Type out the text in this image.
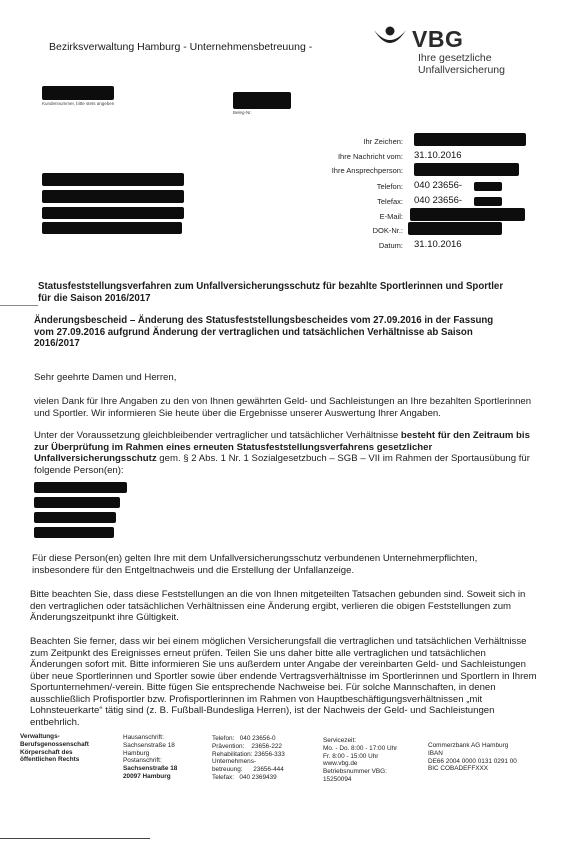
Bezirksverwaltung Hamburg - Unternehmensbetreuung -	VBG
Ihre gesetzliche
Unfallversicherung
Kundennummer, bitte stets angeben
Beleg-Nr.
Ihr Zeichen:
Ihre Nachricht vom: 31.10.2016
Ihre Ansprechperson:
Telefon: 040 23656-
Telefax: 040 23656-
E-Mail:
DOK-Nr.:
Datum: 31.10.2016
Statusfeststellungsverfahren zum Unfallversicherungsschutz für bezahlte Sportlerinnen und Sportler
für die Saison 2016/2017
Änderungsbescheid – Änderung des Statusfeststellungsbescheides vom 27.09.2016 in der Fassung
vom 27.09.2016 aufgrund Änderung der vertraglichen und tatsächlichen Verhältnisse ab Saison
2016/2017
Sehr geehrte Damen und Herren,
vielen Dank für Ihre Angaben zu den von Ihnen gewährten Geld- und Sachleistungen an Ihre bezahlten Sportlerinnen und Sportler. Wir informieren Sie heute über die Ergebnisse unserer Auswertung Ihrer Angaben.
Unter der Voraussetzung gleichbleibender vertraglicher und tatsächlicher Verhältnisse besteht für den Zeitraum bis zur Überprüfung im Rahmen eines erneuten Statusfeststellungsverfahrens gesetzlicher Unfallversicherungsschutz gem. § 2 Abs. 1 Nr. 1 Sozialgesetzbuch – SGB – VII im Rahmen der Sportausübung für folgende Person(en):
Für diese Person(en) gelten Ihre mit dem Unfallversicherungsschutz verbundenen Unternehmerpflichten, insbesondere für den Entgeltnachweis und die Erstellung der Unfallanzeige.
Bitte beachten Sie, dass diese Feststellungen an die von Ihnen mitgeteilten Tatsachen gebunden sind. Soweit sich in den vertraglichen oder tatsächlichen Verhältnissen eine Änderung ergibt, verlieren die obigen Feststellungen zum Änderungszeitpunkt ihre Gültigkeit.
Beachten Sie ferner, dass wir bei einem möglichen Versicherungsfall die vertraglichen und tatsächlichen Verhältnisse zum Zeitpunkt des Ereignisses erneut prüfen. Teilen Sie uns daher bitte alle vertraglichen und tatsächlichen Änderungen sofort mit. Bitte informieren Sie uns außerdem unter Angabe der vereinbarten Geld- und Sachleistungen über neue Sportlerinnen und Sportler sowie über endende Vertragsverhältnisse im Sportlerinnen und Sportlern in Ihrem Sportunternehmen/-verein. Bitte fügen Sie entsprechende Nachweise bei. Für solche Mannschaften, in denen ausschließlich Profisportler bzw. Profisportlerinnen im Rahmen von Hauptbeschäftigungsverhältnissen „mit Lohnsteuerkarte“ tätig sind (z. B. Fußball-Bundesliga Herren), ist der Nachweis der Geld- und Sachleistungen entbehrlich.
Verwaltungs-
Berufsgenossenschaft
Körperschaft des
öffentlichen Rechts
Hausanschrift:
Sachsenstraße 18
Hamburg
Postanschrift:
Sachsenstraße 18
20097 Hamburg
Telefon:   040 23656-0
Prävention:    23656-222
Rehabilitation: 23656-333
Unternehmens-
betreuung:      23656-444
Telefax:   040 2369439
Servicezeit:
Mo. - Do. 8:00 - 17:00 Uhr
Fr. 8:00 - 15:00 Uhr
www.vbg.de
Betriebsnummer VBG:
15250094
Commerzbank AG Hamburg
IBAN
DE66 2004 0000 0131 0291 00
BIC COBADEFFXXX
